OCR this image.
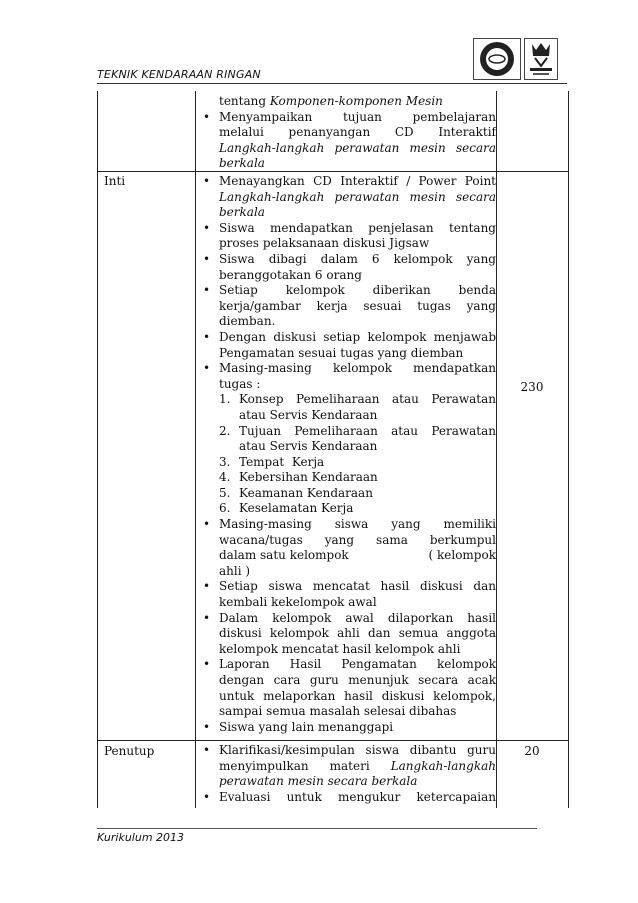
TEKNIK KENDARAAN RINGAN
tentang Komponen-komponen Mesin
• Menyampaikan tujuan pembelajaran
melalui penanyangan CD Interaktif
Langkah-langkah perawatan mesin secara
berkala
Inti
230
• Menayangkan CD Interaktif / Power Point
Langkah-langkah perawatan mesin secara
berkala
• Siswa mendapatkan penjelasan tentang
proses pelaksanaan diskusi Jigsaw
• Siswa dibagi dalam 6 kelompok yang
beranggotakan 6 orang
• Setiap kelompok diberikan benda
kerja/gambar kerja sesuai tugas yang
diemban.
• Dengan diskusi setiap kelompok menjawab
Pengamatan sesuai tugas yang diemban
• Masing-masing kelompok mendapatkan
tugas :
1. Konsep Pemeliharaan atau Perawatan
atau Servis Kendaraan
2. Tujuan Pemeliharaan atau Perawatan
atau Servis Kendaraan
3. Tempat  Kerja
4. Kebersihan Kendaraan
5. Keamanan Kendaraan
6. Keselamatan Kerja
• Masing-masing siswa yang memiliki
wacana/tugas yang sama berkumpul
dalam satu kelompok	( kelompok
ahli )
• Setiap siswa mencatat hasil diskusi dan
kembali kekelompok awal
• Dalam kelompok awal dilaporkan hasil
diskusi kelompok ahli dan semua anggota
kelompok mencatat hasil kelompok ahli
• Laporan Hasil Pengamatan kelompok
dengan cara guru menunjuk secara acak
untuk melaporkan hasil diskusi kelompok,
sampai semua masalah selesai dibahas
• Siswa yang lain menanggapi
Penutup	20
• Klarifikasi/kesimpulan siswa dibantu guru
menyimpulkan materi Langkah-langkah
perawatan mesin secara berkala
• Evaluasi untuk mengukur ketercapaian
Kurikulum 2013
